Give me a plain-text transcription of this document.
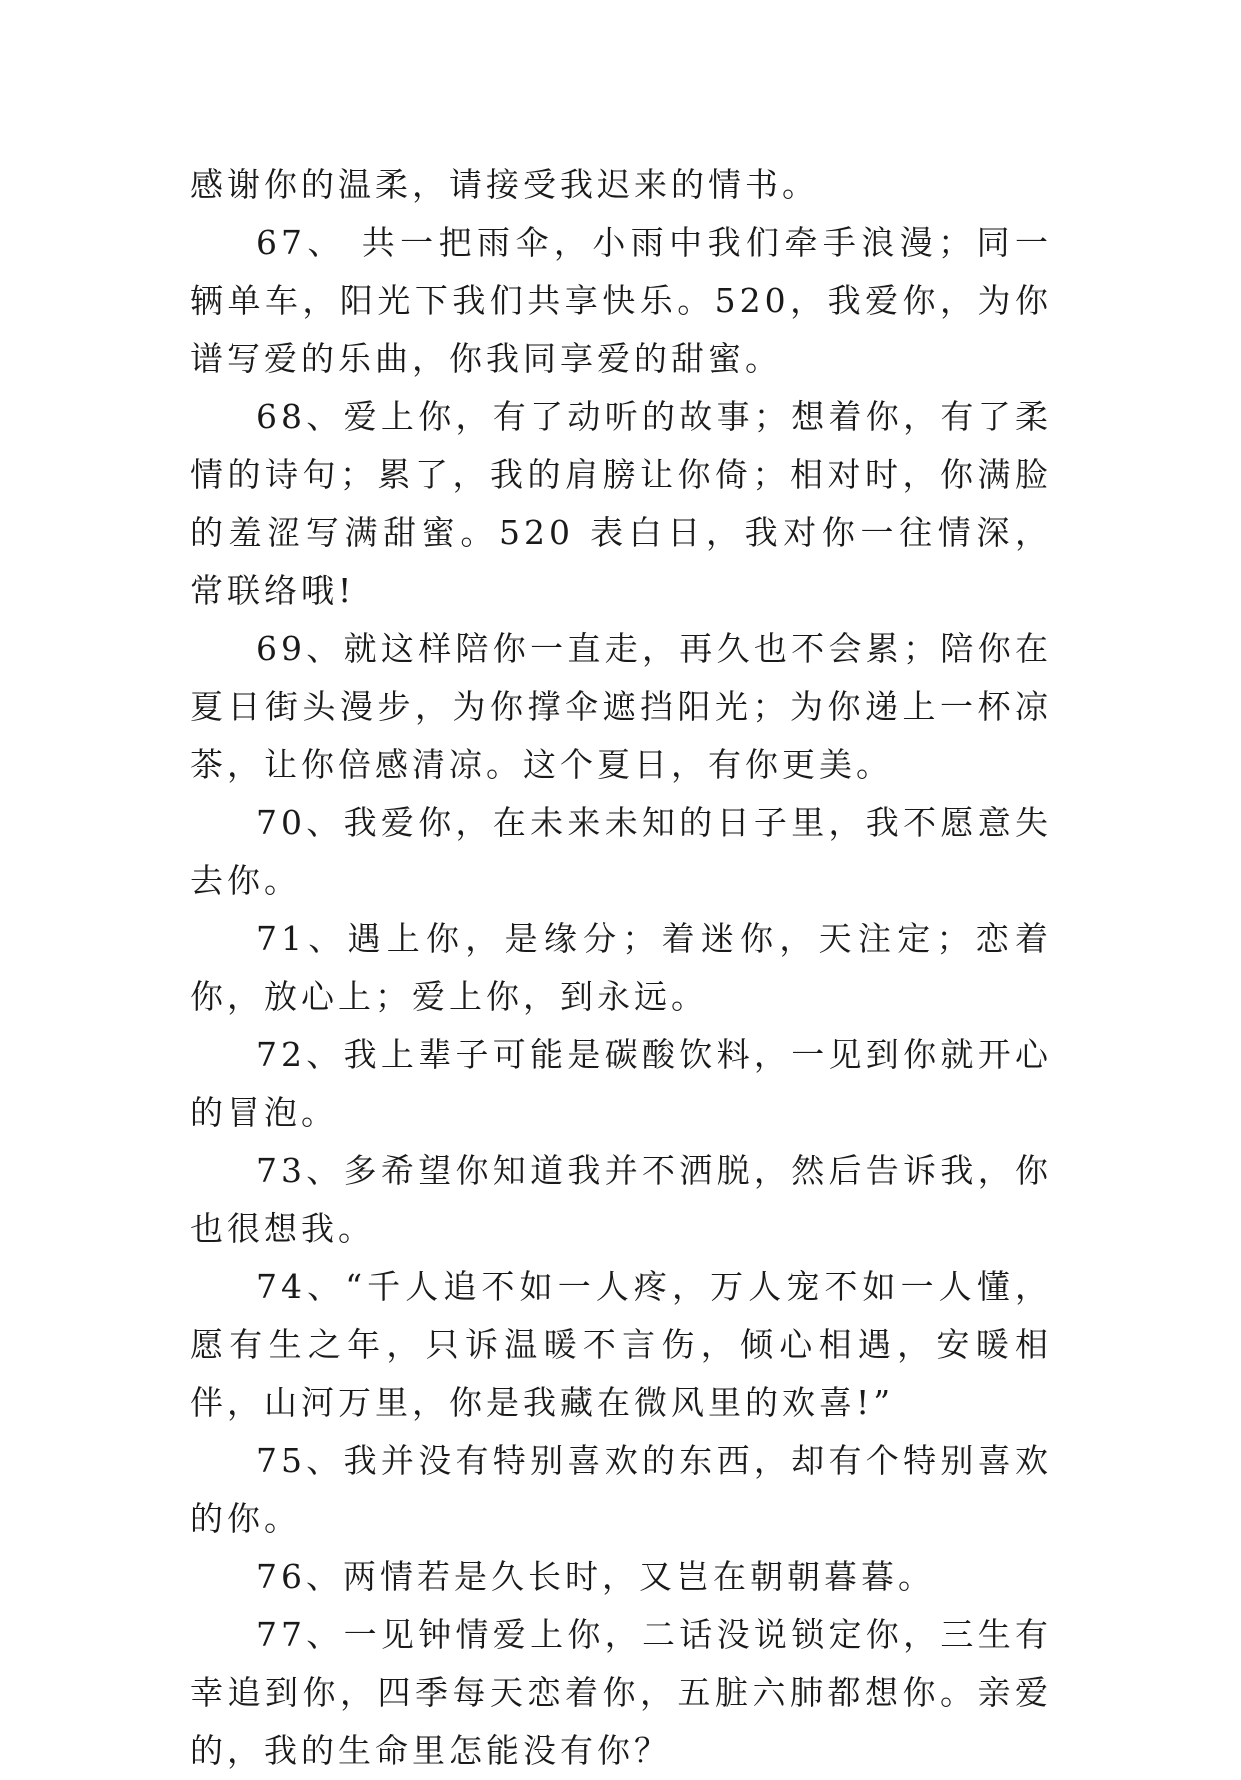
感谢你的温柔，请接受我迟来的情书。

67、 共一把雨伞，小雨中我们牵手浪漫；同一辆单车，阳光下我们共享快乐。520，我爱你，为你谱写爱的乐曲，你我同享爱的甜蜜。

68、爱上你，有了动听的故事；想着你，有了柔情的诗句；累了，我的肩膀让你倚；相对时，你满脸的羞涩写满甜蜜。520 表白日，我对你一往情深，常联络哦!

69、就这样陪你一直走，再久也不会累；陪你在夏日街头漫步，为你撑伞遮挡阳光；为你递上一杯凉茶，让你倍感清凉。这个夏日，有你更美。

70、我爱你，在未来未知的日子里，我不愿意失去你。

71、遇上你，是缘分；着迷你，天注定；恋着你，放心上；爱上你，到永远。

72、我上辈子可能是碳酸饮料，一见到你就开心的冒泡。

73、多希望你知道我并不洒脱，然后告诉我，你也很想我。

74、“千人追不如一人疼，万人宠不如一人懂，愿有生之年，只诉温暖不言伤，倾心相遇，安暖相伴，山河万里，你是我藏在微风里的欢喜!”

75、我并没有特别喜欢的东西，却有个特别喜欢的你。

76、两情若是久长时，又岂在朝朝暮暮。

77、一见钟情爱上你，二话没说锁定你，三生有幸追到你，四季每天恋着你，五脏六肺都想你。亲爱的，我的生命里怎能没有你？
